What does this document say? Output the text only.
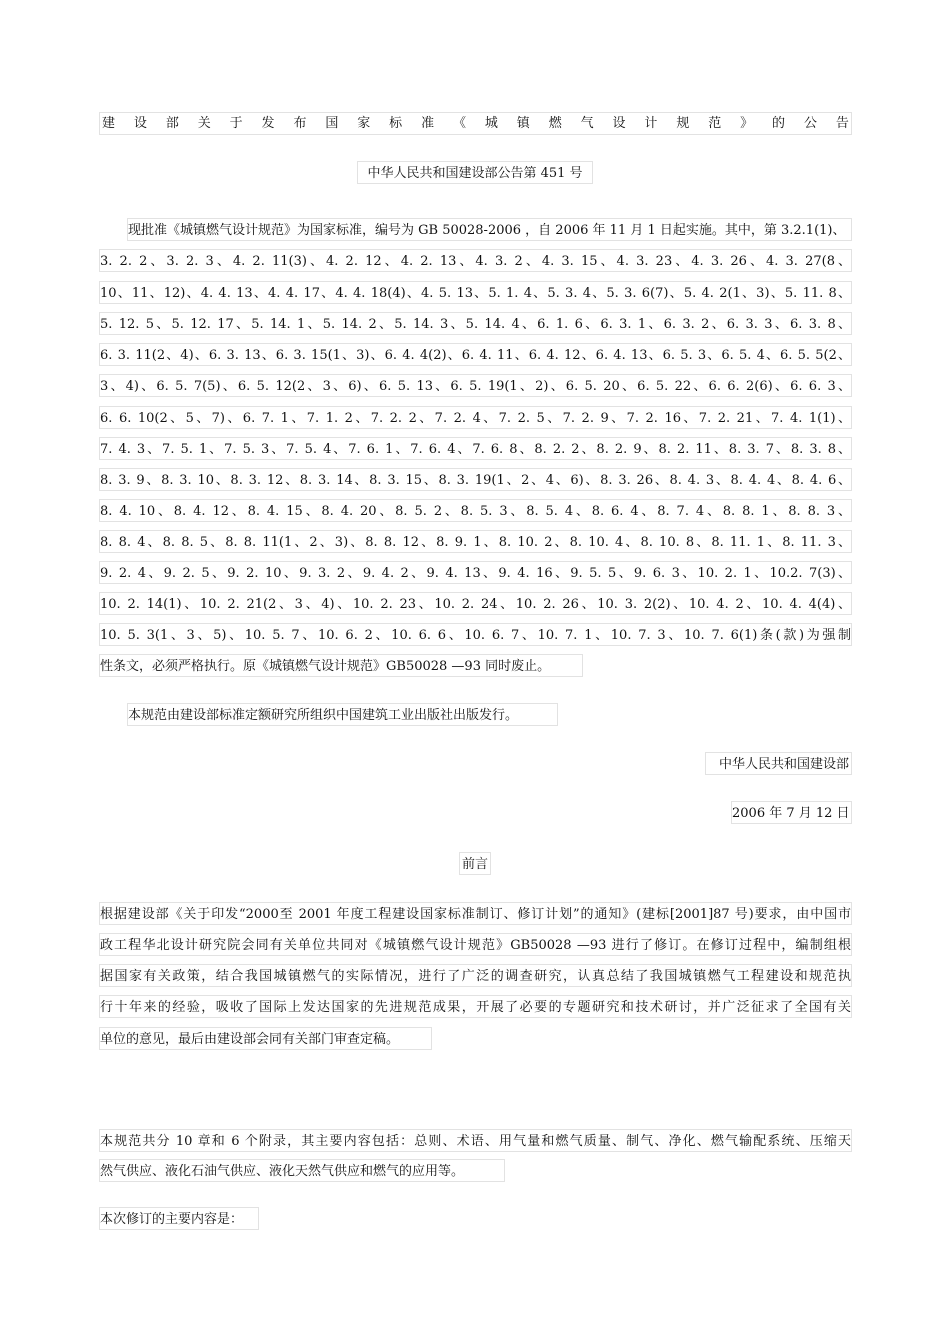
建 设 部 关 于 发 布 国 家 标 准 《 城 镇 燃 气 设 计 规 范 》 的 公 告
中华人民共和国建设部公告第 451 号
现批准《城镇燃气设计规范》为国家标准，编号为 GB 50028-2006 ，自 2006 年 11 月 1 日起实施。其中，第 3.2.1(1)、
3. 2. 2、3. 2. 3、4. 2. 11(3)、4. 2. 12、4. 2. 13、4. 3. 2、4. 3. 15、4. 3. 23、4. 3. 26、4. 3. 27(8、
10、11、12)、4. 4. 13、4. 4. 17、4. 4. 18(4)、4. 5. 13、5. 1. 4、5. 3. 4、5. 3. 6(7)、5. 4. 2(1、3)、5. 11. 8、
5. 12. 5、5. 12. 17、5. 14. 1、5. 14. 2、5. 14. 3、5. 14. 4、6. 1. 6、6. 3. 1、6. 3. 2、6. 3. 3、6. 3. 8、
6. 3. 11(2、4)、6. 3. 13、6. 3. 15(1、3)、6. 4. 4(2)、6. 4. 11、6. 4. 12、6. 4. 13、6. 5. 3、6. 5. 4、6. 5. 5(2、
3、4)、6. 5. 7(5)、6. 5. 12(2、3、6)、6. 5. 13、6. 5. 19(1、2)、6. 5. 20、6. 5. 22、6. 6. 2(6)、6. 6. 3、
6. 6. 10(2、5、7)、6. 7. 1、7. 1. 2、7. 2. 2、7. 2. 4、7. 2. 5、7. 2. 9、7. 2. 16、7. 2. 21、7. 4. 1(1)、
7. 4. 3、7. 5. 1、7. 5. 3、7. 5. 4、7. 6. 1、7. 6. 4、7. 6. 8、8. 2. 2、8. 2. 9、8. 2. 11、8. 3. 7、8. 3. 8、
8. 3. 9、8. 3. 10、8. 3. 12、8. 3. 14、8. 3. 15、8. 3. 19(1、2、4、6)、8. 3. 26、8. 4. 3、8. 4. 4、8. 4. 6、
8. 4. 10、8. 4. 12、8. 4. 15、8. 4. 20、8. 5. 2、8. 5. 3、8. 5. 4、8. 6. 4、8. 7. 4、8. 8. 1、8. 8. 3、
8. 8. 4、8. 8. 5、8. 8. 11(1、2、3)、8. 8. 12、8. 9. 1、8. 10. 2、8. 10. 4、8. 10. 8、8. 11. 1、8. 11. 3、
9. 2. 4、9. 2. 5、9. 2. 10、9. 3. 2、9. 4. 2、9. 4. 13、9. 4. 16、9. 5. 5、9. 6. 3、10. 2. 1、10.2. 7(3)、
10. 2. 14(1)、10. 2. 21(2、3、4)、10. 2. 23、10. 2. 24、10. 2. 26、10. 3. 2(2)、10. 4. 2、10. 4. 4(4)、
10. 5. 3(1、3、5)、10. 5. 7、10. 6. 2、10. 6. 6、10. 6. 7、10. 7. 1、10. 7. 3、10. 7. 6(1)条(款)为强制
性条文，必须严格执行。原《城镇燃气设计规范》GB50028 —93 同时废止。
本规范由建设部标准定额研究所组织中国建筑工业出版社出版发行。
中华人民共和国建设部
2006 年 7 月 12 日
前言
根据建设部《关于印发“2000至 2001 年度工程建设国家标准制订、修订计划”的通知》(建标[2001]87 号)要求，由中国市
政工程华北设计研究院会同有关单位共同对《城镇燃气设计规范》GB50028 —93 进行了修订。在修订过程中，编制组根
据国家有关政策，结合我国城镇燃气的实际情况，进行了广泛的调查研究，认真总结了我国城镇燃气工程建设和规范执
行十年来的经验，吸收了国际上发达国家的先进规范成果，开展了必要的专题研究和技术研讨，并广泛征求了全国有关
单位的意见，最后由建设部会同有关部门审查定稿。
本规范共分 10 章和 6 个附录，其主要内容包括：总则、术语、用气量和燃气质量、制气、净化、燃气输配系统、压缩天
然气供应、液化石油气供应、液化天然气供应和燃气的应用等。
本次修订的主要内容是：
